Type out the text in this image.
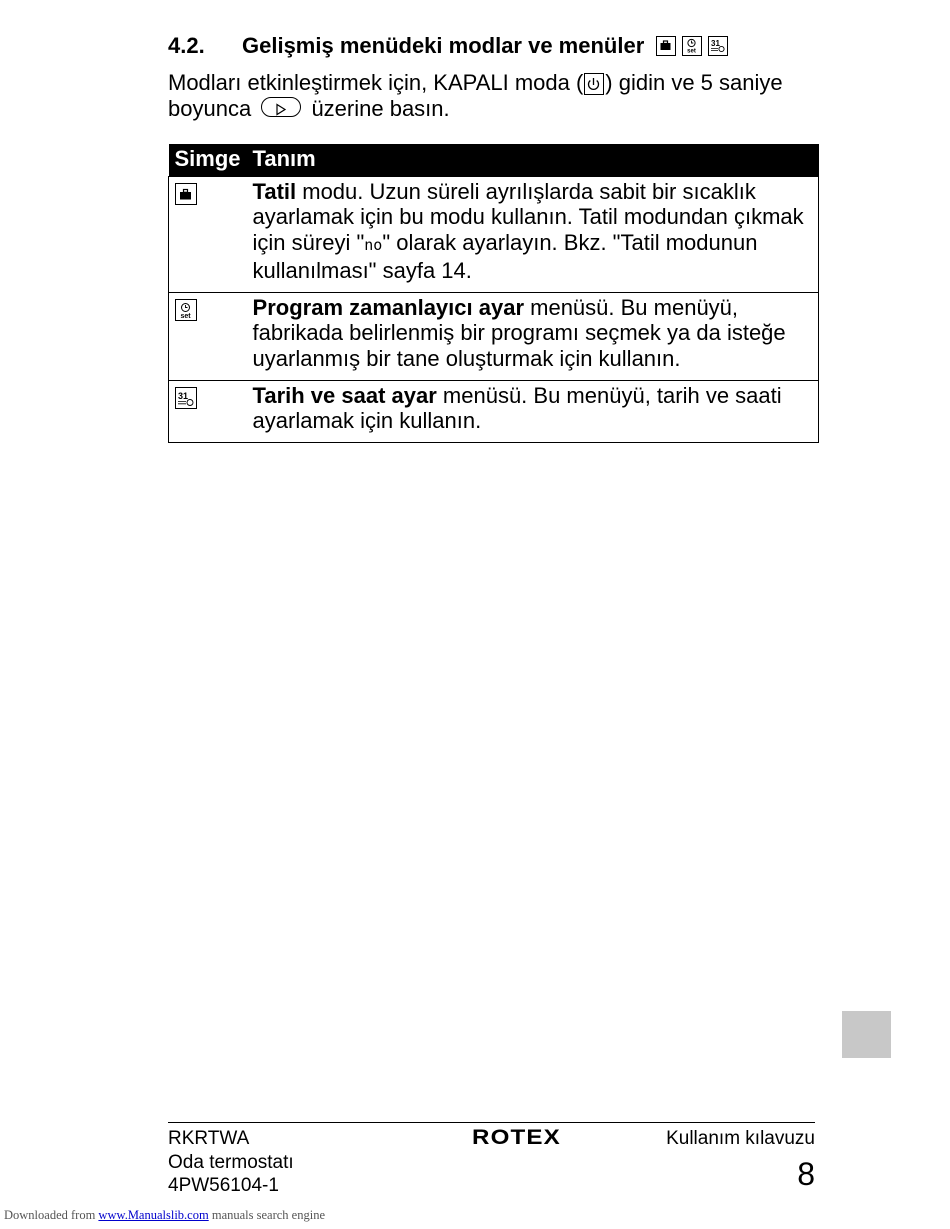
4.2. Gelişmiş menüdeki modlar ve menüler	set
31
Modları etkinleştirmek için, KAPALI moda ( ) gidin ve 5 saniye boyunca	üzerine basın.
Simge	Tanım

	Tatil modu. Uzun süreli ayrılışlarda sabit bir sıcaklık ayarlamak için bu modu kullanın. Tatil modundan çıkmak için süreyi "no" olarak ayarlayın. Bkz. "Tatil modunun kullanılması" sayfa 14.

set	Program zamanlayıcı ayar menüsü. Bu menüyü, fabrikada belirlenmiş bir programı seçmek ya da isteğe uyarlanmış bir tane oluşturmak için kullanın.

31	Tarih ve saat ayar menüsü. Bu menüyü, tarih ve saati ayarlamak için kullanın.
RKRTWA
Oda termostatı
4PW56104-1
ROTEX	Kullanım kılavuzu
8
Downloaded from www.Manualslib.com manuals search engine
